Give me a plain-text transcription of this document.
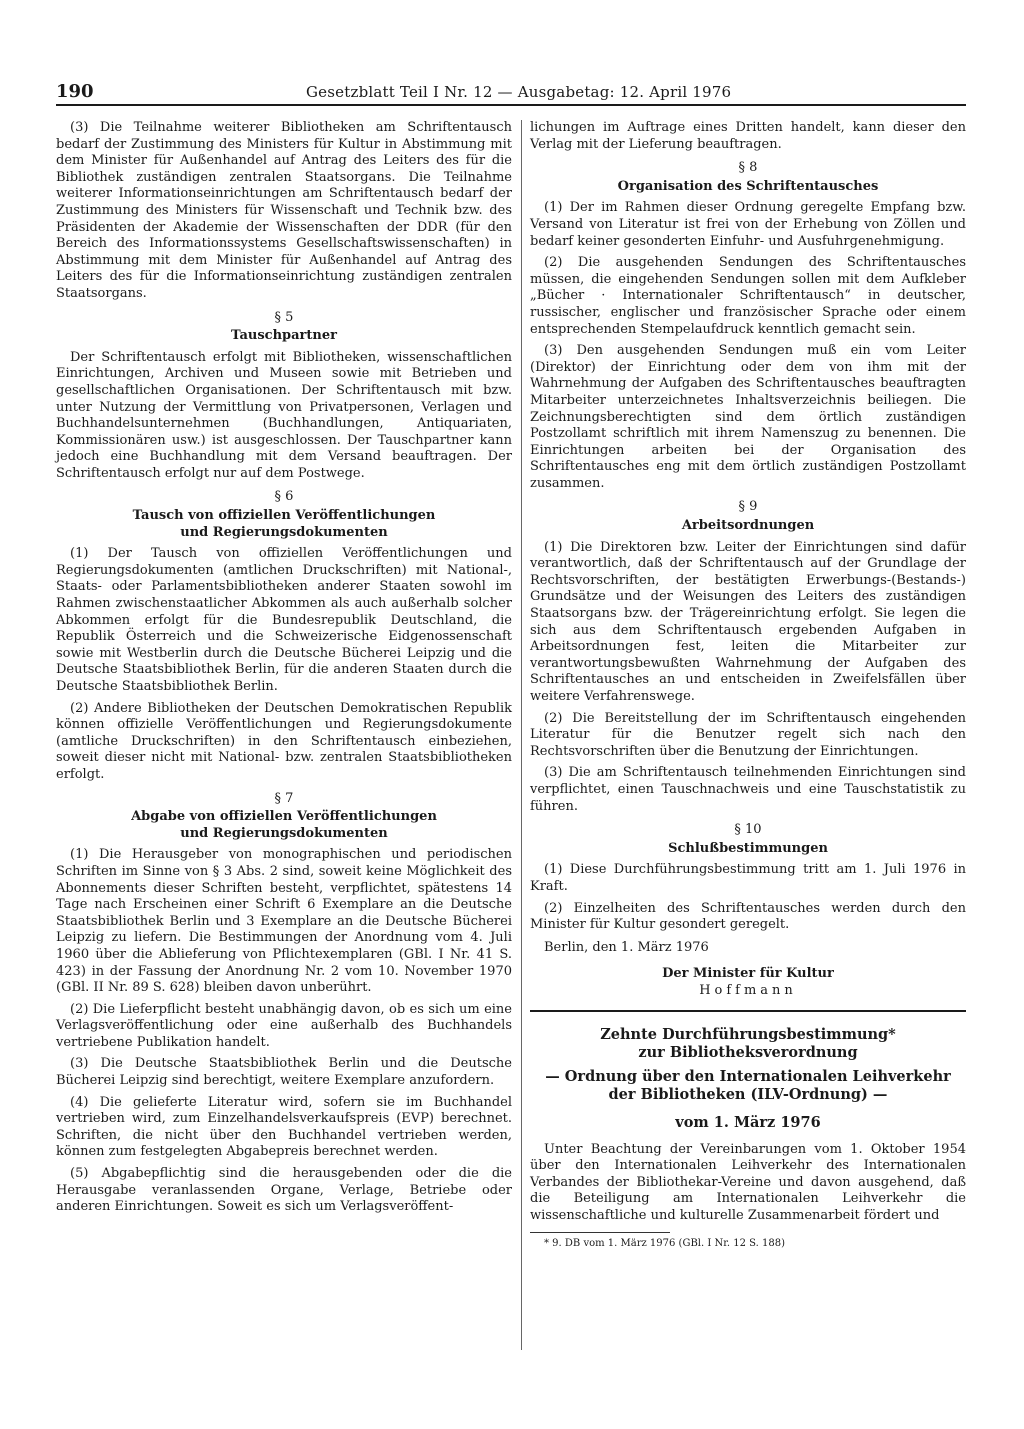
190	Gesetzblatt Teil I Nr. 12 — Ausgabetag: 12. April 1976

(3) Die Teilnahme weiterer Bibliotheken am Schriftentausch bedarf der Zustimmung des Ministers für Kultur in Abstimmung mit dem Minister für Außenhandel auf Antrag des Leiters des für die Bibliothek zuständigen zentralen Staatsorgans. Die Teilnahme weiterer Informationseinrichtungen am Schriftentausch bedarf der Zustimmung des Ministers für Wissenschaft und Technik bzw. des Präsidenten der Akademie der Wissenschaften der DDR (für den Bereich des Informationssystems Gesellschaftswissenschaften) in Abstimmung mit dem Minister für Außenhandel auf Antrag des Leiters des für die Informationseinrichtung zuständigen zentralen Staatsorgans.

§ 5
Tauschpartner

Der Schriftentausch erfolgt mit Bibliotheken, wissenschaftlichen Einrichtungen, Archiven und Museen sowie mit Betrieben und gesellschaftlichen Organisationen. Der Schriftentausch mit bzw. unter Nutzung der Vermittlung von Privatpersonen, Verlagen und Buchhandelsunternehmen (Buchhandlungen, Antiquariaten, Kommissionären usw.) ist ausgeschlossen. Der Tauschpartner kann jedoch eine Buchhandlung mit dem Versand beauftragen. Der Schriftentausch erfolgt nur auf dem Postwege.

§ 6
Tausch von offiziellen Veröffentlichungen
und Regierungsdokumenten

(1) Der Tausch von offiziellen Veröffentlichungen und Regierungsdokumenten (amtlichen Druckschriften) mit National-, Staats- oder Parlamentsbibliotheken anderer Staaten sowohl im Rahmen zwischenstaatlicher Abkommen als auch außerhalb solcher Abkommen erfolgt für die Bundesrepublik Deutschland, die Republik Österreich und die Schweizerische Eidgenossenschaft sowie mit Westberlin durch die Deutsche Bücherei Leipzig und die Deutsche Staatsbibliothek Berlin, für die anderen Staaten durch die Deutsche Staatsbibliothek Berlin.

(2) Andere Bibliotheken der Deutschen Demokratischen Republik können offizielle Veröffentlichungen und Regierungsdokumente (amtliche Druckschriften) in den Schriftentausch einbeziehen, soweit dieser nicht mit National- bzw. zentralen Staatsbibliotheken erfolgt.

§ 7
Abgabe von offiziellen Veröffentlichungen
und Regierungsdokumenten

(1) Die Herausgeber von monographischen und periodischen Schriften im Sinne von § 3 Abs. 2 sind, soweit keine Möglichkeit des Abonnements dieser Schriften besteht, verpflichtet, spätestens 14 Tage nach Erscheinen einer Schrift 6 Exemplare an die Deutsche Staatsbibliothek Berlin und 3 Exemplare an die Deutsche Bücherei Leipzig zu liefern. Die Bestimmungen der Anordnung vom 4. Juli 1960 über die Ablieferung von Pflichtexemplaren (GBl. I Nr. 41 S. 423) in der Fassung der Anordnung Nr. 2 vom 10. November 1970 (GBl. II Nr. 89 S. 628) bleiben davon unberührt.

(2) Die Lieferpflicht besteht unabhängig davon, ob es sich um eine Verlagsveröffentlichung oder eine außerhalb des Buchhandels vertriebene Publikation handelt.

(3) Die Deutsche Staatsbibliothek Berlin und die Deutsche Bücherei Leipzig sind berechtigt, weitere Exemplare anzufordern.

(4) Die gelieferte Literatur wird, sofern sie im Buchhandel vertrieben wird, zum Einzelhandelsverkaufspreis (EVP) berechnet. Schriften, die nicht über den Buchhandel vertrieben werden, können zum festgelegten Abgabepreis berechnet werden.

(5) Abgabepflichtig sind die herausgebenden oder die die Herausgabe veranlassenden Organe, Verlage, Betriebe oder anderen Einrichtungen. Soweit es sich um Verlagsveröffent-

lichungen im Auftrage eines Dritten handelt, kann dieser den Verlag mit der Lieferung beauftragen.

§ 8
Organisation des Schriftentausches

(1) Der im Rahmen dieser Ordnung geregelte Empfang bzw. Versand von Literatur ist frei von der Erhebung von Zöllen und bedarf keiner gesonderten Einfuhr- und Ausfuhrgenehmigung.

(2) Die ausgehenden Sendungen des Schriftentausches müssen, die eingehenden Sendungen sollen mit dem Aufkleber „Bücher · Internationaler Schriftentausch“ in deutscher, russischer, englischer und französischer Sprache oder einem entsprechenden Stempelaufdruck kenntlich gemacht sein.

(3) Den ausgehenden Sendungen muß ein vom Leiter (Direktor) der Einrichtung oder dem von ihm mit der Wahrnehmung der Aufgaben des Schriftentausches beauftragten Mitarbeiter unterzeichnetes Inhaltsverzeichnis beiliegen. Die Zeichnungsberechtigten sind dem örtlich zuständigen Postzollamt schriftlich mit ihrem Namenszug zu benennen. Die Einrichtungen arbeiten bei der Organisation des Schriftentausches eng mit dem örtlich zuständigen Postzollamt zusammen.

§ 9
Arbeitsordnungen

(1) Die Direktoren bzw. Leiter der Einrichtungen sind dafür verantwortlich, daß der Schriftentausch auf der Grundlage der Rechtsvorschriften, der bestätigten Erwerbungs-(Bestands-) Grundsätze und der Weisungen des Leiters des zuständigen Staatsorgans bzw. der Trägereinrichtung erfolgt. Sie legen die sich aus dem Schriftentausch ergebenden Aufgaben in Arbeitsordnungen fest, leiten die Mitarbeiter zur verantwortungsbewußten Wahrnehmung der Aufgaben des Schriftentausches an und entscheiden in Zweifelsfällen über weitere Verfahrenswege.

(2) Die Bereitstellung der im Schriftentausch eingehenden Literatur für die Benutzer regelt sich nach den Rechtsvorschriften über die Benutzung der Einrichtungen.

(3) Die am Schriftentausch teilnehmenden Einrichtungen sind verpflichtet, einen Tauschnachweis und eine Tauschstatistik zu führen.

§ 10
Schlußbestimmungen

(1) Diese Durchführungsbestimmung tritt am 1. Juli 1976 in Kraft.

(2) Einzelheiten des Schriftentausches werden durch den Minister für Kultur gesondert geregelt.

Berlin, den 1. März 1976

Der Minister für Kultur

Hoffmann

Zehnte Durchführungsbestimmung*

zur Bibliotheksverordnung

— Ordnung über den Internationalen Leihverkehr

der Bibliotheken (ILV-Ordnung) —

vom 1. März 1976

Unter Beachtung der Vereinbarungen vom 1. Oktober 1954 über den Internationalen Leihverkehr des Internationalen Verbandes der Bibliothekar-Vereine und davon ausgehend, daß die Beteiligung am Internationalen Leihverkehr die wissenschaftliche und kulturelle Zusammenarbeit fördert und

* 9. DB vom 1. März 1976 (GBl. I Nr. 12 S. 188)
